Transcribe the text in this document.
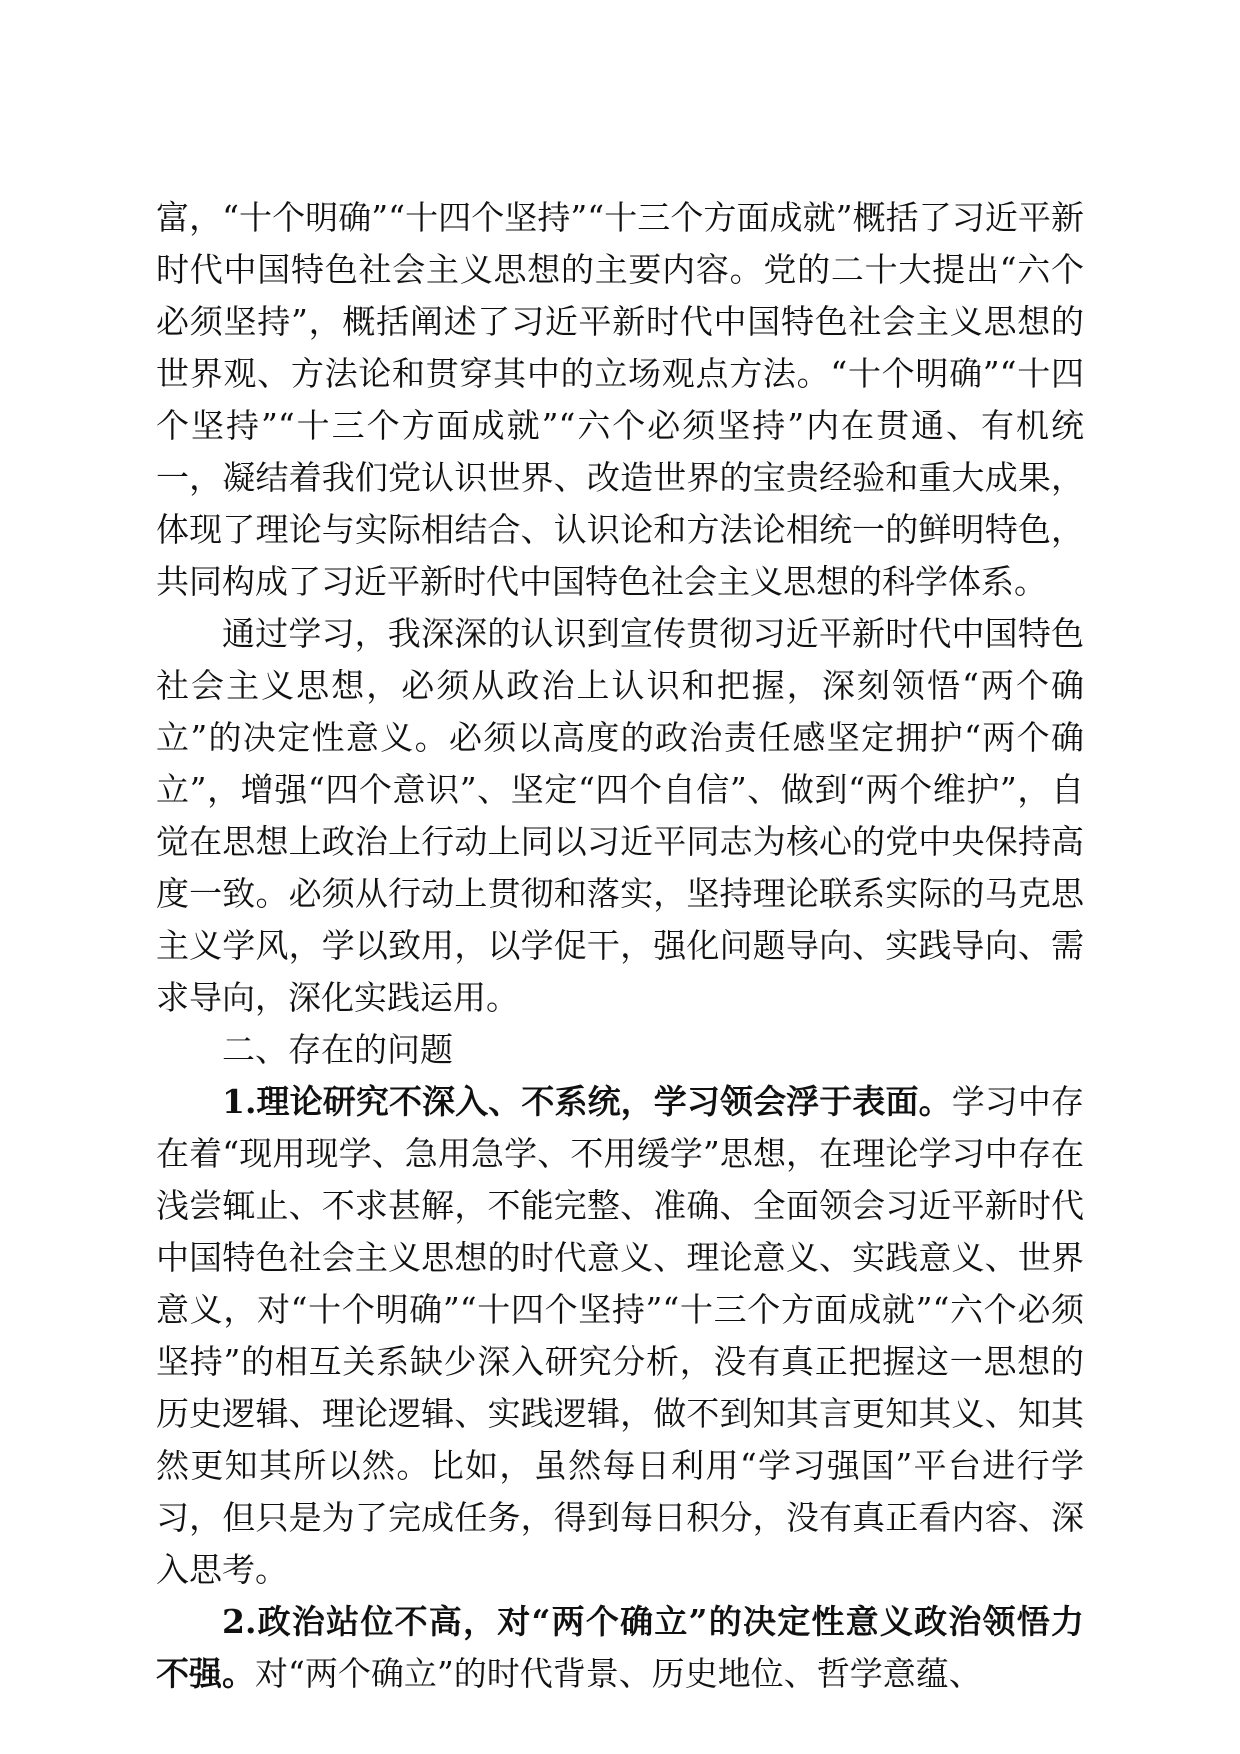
富，“十个明确”“十四个坚持”“十三个方面成就”概括了习近平新时代中国特色社会主义思想的主要内容。党的二十大提出“六个必须坚持”，概括阐述了习近平新时代中国特色社会主义思想的世界观、方法论和贯穿其中的立场观点方法。“十个明确”“十四个坚持”“十三个方面成就”“六个必须坚持”内在贯通、有机统一，凝结着我们党认识世界、改造世界的宝贵经验和重大成果，体现了理论与实际相结合、认识论和方法论相统一的鲜明特色，共同构成了习近平新时代中国特色社会主义思想的科学体系。

通过学习，我深深的认识到宣传贯彻习近平新时代中国特色社会主义思想，必须从政治上认识和把握，深刻领悟“两个确立”的决定性意义。必须以高度的政治责任感坚定拥护“两个确立”，增强“四个意识”、坚定“四个自信”、做到“两个维护”，自觉在思想上政治上行动上同以习近平同志为核心的党中央保持高度一致。必须从行动上贯彻和落实，坚持理论联系实际的马克思主义学风，学以致用，以学促干，强化问题导向、实践导向、需求导向，深化实践运用。

二、存在的问题

1.理论研究不深入、不系统，学习领会浮于表面。学习中存在着“现用现学、急用急学、不用缓学”思想，在理论学习中存在浅尝辄止、不求甚解，不能完整、准确、全面领会习近平新时代中国特色社会主义思想的时代意义、理论意义、实践意义、世界意义，对“十个明确”“十四个坚持”“十三个方面成就”“六个必须坚持”的相互关系缺少深入研究分析，没有真正把握这一思想的历史逻辑、理论逻辑、实践逻辑，做不到知其言更知其义、知其然更知其所以然。比如，虽然每日利用“学习强国”平台进行学习，但只是为了完成任务，得到每日积分，没有真正看内容、深入思考。

2.政治站位不高，对“两个确立”的决定性意义政治领悟力不强。对“两个确立”的时代背景、历史地位、哲学意蕴、
